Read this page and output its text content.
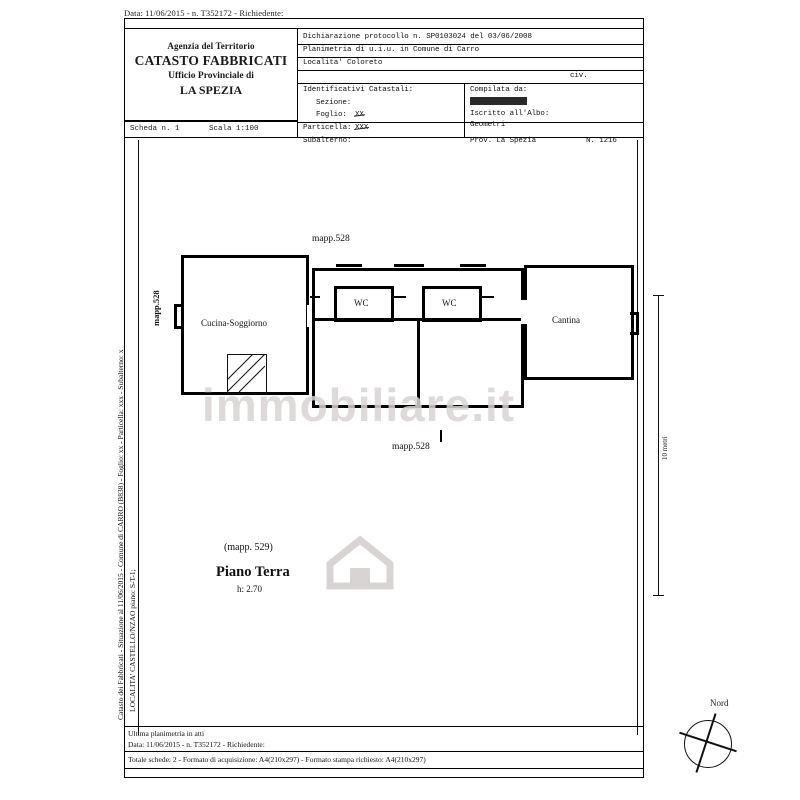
Data: 11/06/2015 - n. T352172 - Richiedente:
Agenzia del Territorio
CATASTO FABBRICATI
Ufficio Provinciale di
LA SPEZIA
Scheda n. 1	Scala 1:100
Dichiarazione protocollo n. SP0103024 del 03/06/2008
Planimetria di u.i.u. in Comune di Carro
Localita' Coloreto
civ.
Identificativi Catastali:
Sezione:
Foglio: XX
Particella: XXX
Subalterno:
Compilata da:
XXXXXXXXXXXXX
Iscritto all'Albo:
Geometri
Prov. La Spezia	N. 1216
Catasto dei Fabbricati - Situazione al 11/06/2015 - Comune di CARRO (B838) - Foglio: xx - Particella: xxx - Subalterno: x LOCALITA' CASTELLO/NZAO piano: S-T-1;
mapp.528
mapp.528
mapp.528
Cucina-Soggiorno
WC	WC
Cantina
immobiliare.it
(mapp. 529)
Piano Terra
h: 2.70
Nord
10 metri
Ultima planimetria in atti
Data: 11/06/2015 - n. T352172 - Richiedente:
Totale schede: 2 - Formato di acquisizione: A4(210x297) - Formato stampa richiesto: A4(210x297)
